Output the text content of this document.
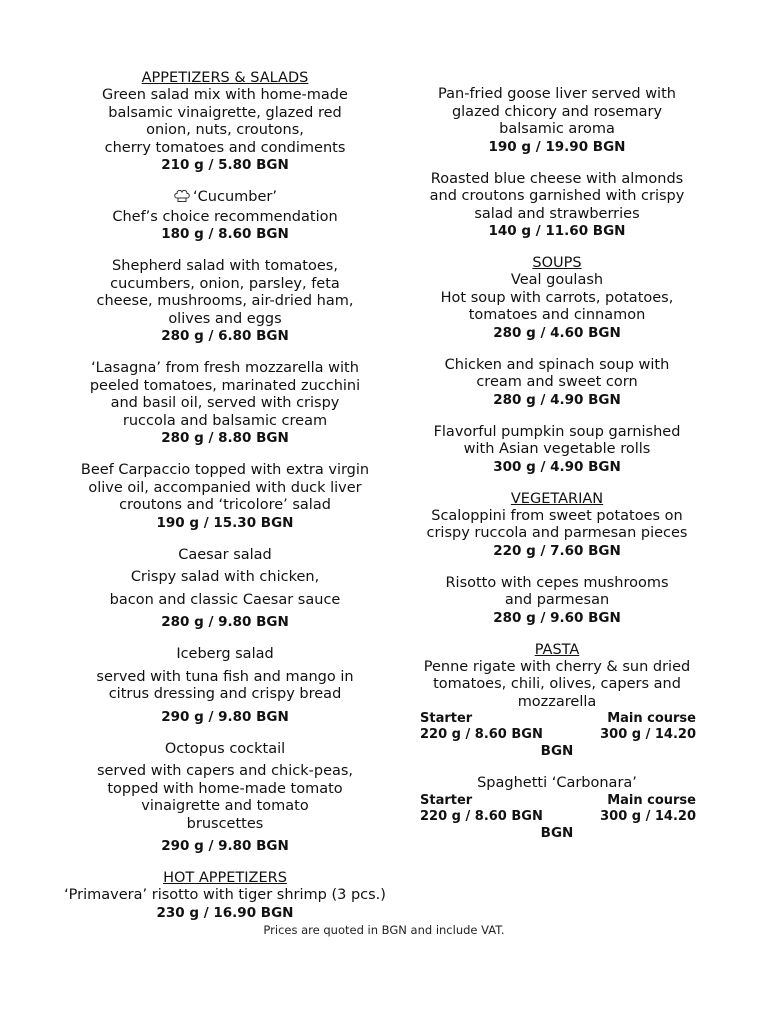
APPETIZERS & SALADS
Green salad mix with home-made
balsamic vinaigrette, glazed red
onion, nuts, croutons,
cherry tomatoes and condiments
210 g / 5.80 BGN
‘Cucumber’
Chef’s choice recommendation
180 g / 8.60 BGN
Shepherd salad with tomatoes,
cucumbers, onion, parsley, feta
cheese, mushrooms, air-dried ham,
olives and eggs
280 g / 6.80 BGN
‘Lasagna’ from fresh mozzarella with
peeled tomatoes, marinated zucchini
and basil oil, served with crispy
ruccola and balsamic cream
280 g / 8.80 BGN
Beef Carpaccio topped with extra virgin
olive oil, accompanied with duck liver
croutons and ‘tricolore’ salad
190 g / 15.30 BGN
Caesar salad
Crispy salad with chicken,
bacon and classic Caesar sauce
280 g / 9.80 BGN
Iceberg salad
served with tuna fish and mango in
citrus dressing and crispy bread
290 g / 9.80 BGN
Octopus cocktail
served with capers and chick-peas,
topped with home-made tomato
vinaigrette and tomato
bruscettes
290 g / 9.80 BGN
HOT APPETIZERS
‘Primavera’ risotto with tiger shrimp (3 pcs.)
230 g / 16.90 BGN
Pan-fried goose liver served with
glazed chicory and rosemary
balsamic aroma
190 g / 19.90 BGN
Roasted blue cheese with almonds
and croutons garnished with crispy
salad and strawberries
140 g / 11.60 BGN
SOUPS
Veal goulash
Hot soup with carrots, potatoes,
tomatoes and cinnamon
280 g / 4.60 BGN
Chicken and spinach soup with
cream and sweet corn
280 g / 4.90 BGN
Flavorful pumpkin soup garnished
with Asian vegetable rolls
300 g / 4.90 BGN
VEGETARIAN
Scaloppini from sweet potatoes on
crispy ruccola and parmesan pieces
220 g / 7.60 BGN
Risotto with cepes mushrooms
and parmesan
280 g / 9.60 BGN
PASTA
Penne rigate with cherry & sun dried
tomatoes, chili, olives, capers and
mozzarella
Starter	Main course
220 g / 8.60 BGN	300 g / 14.20
BGN
Spaghetti ‘Carbonara’
Starter	Main course
220 g / 8.60 BGN	300 g / 14.20
BGN
Prices are quoted in BGN and include VAT.
